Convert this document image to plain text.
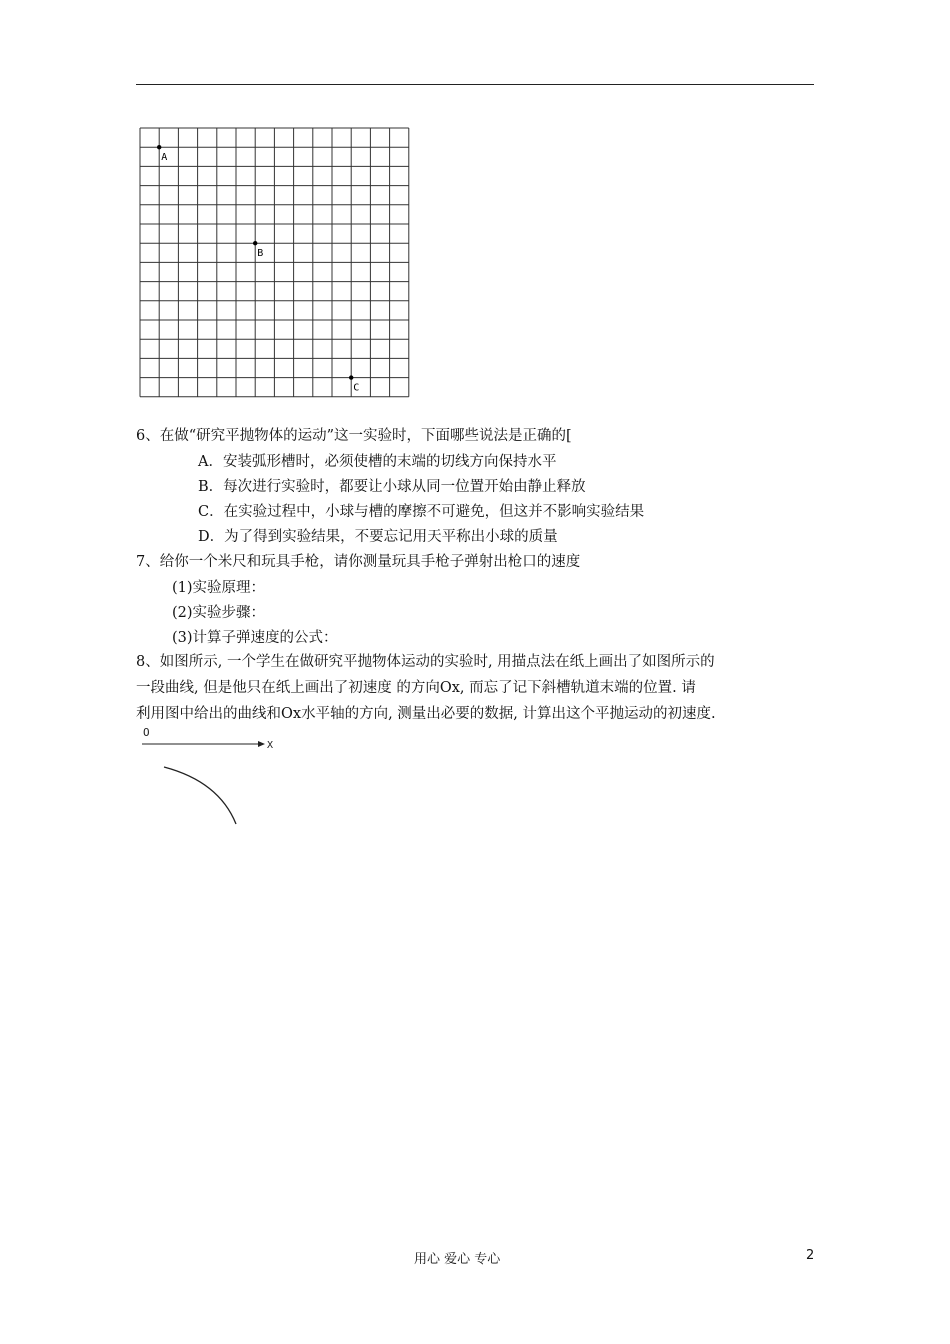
A
B
C
6、在做“研究平抛物体的运动”这一实验时，下面哪些说法是正确的[
A．安装弧形槽时，必须使槽的末端的切线方向保持水平
B．每次进行实验时，都要让小球从同一位置开始由静止释放
C．在实验过程中，小球与槽的摩擦不可避免，但这并不影响实验结果
D．为了得到实验结果，不要忘记用天平称出小球的质量
7、给你一个米尺和玩具手枪，请你测量玩具手枪子弹射出枪口的速度
(1)实验原理：
(2)实验步骤：
(3)计算子弹速度的公式：
8、如图所示, 一个学生在做研究平抛物体运动的实验时, 用描点法在纸上画出了如图所示的
一段曲线, 但是他只在纸上画出了初速度 的方向Ox, 而忘了记下斜槽轨道末端的位置. 请
利用图中给出的曲线和Ox水平轴的方向, 测量出必要的数据, 计算出这个平抛运动的初速度.
O
X
用心 爱心 专心	2
